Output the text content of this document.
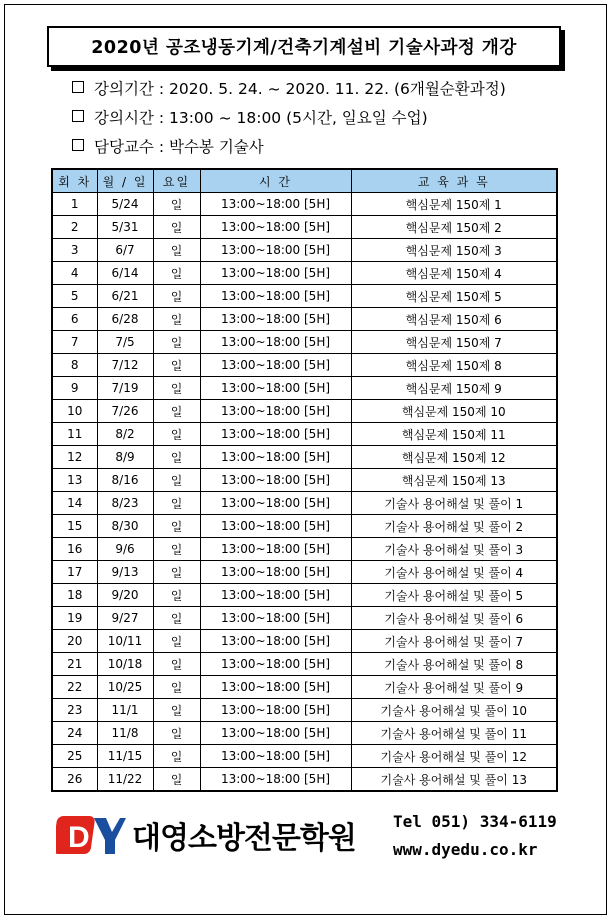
2020년 공조냉동기계/건축기계설비 기술사과정 개강
강의기간 : 2020. 5. 24. ~ 2020. 11. 22. (6개월순환과정)
강의시간 : 13:00 ~ 18:00 (5시간, 일요일 수업)
담당교수 : 박수봉 기술사
회 차	월 / 일	요일	시 간	교 육 과 목
1	5/24	일	13:00~18:00 [5H]	핵심문제 150제 1
2	5/31	일	13:00~18:00 [5H]	핵심문제 150제 2
3	6/7	일	13:00~18:00 [5H]	핵심문제 150제 3
4	6/14	일	13:00~18:00 [5H]	핵심문제 150제 4
5	6/21	일	13:00~18:00 [5H]	핵심문제 150제 5
6	6/28	일	13:00~18:00 [5H]	핵심문제 150제 6
7	7/5	일	13:00~18:00 [5H]	핵심문제 150제 7
8	7/12	일	13:00~18:00 [5H]	핵심문제 150제 8
9	7/19	일	13:00~18:00 [5H]	핵심문제 150제 9
10	7/26	일	13:00~18:00 [5H]	핵심문제 150제 10
11	8/2	일	13:00~18:00 [5H]	핵심문제 150제 11
12	8/9	일	13:00~18:00 [5H]	핵심문제 150제 12
13	8/16	일	13:00~18:00 [5H]	핵심문제 150제 13
14	8/23	일	13:00~18:00 [5H]	기술사 용어해설 및 풀이 1
15	8/30	일	13:00~18:00 [5H]	기술사 용어해설 및 풀이 2
16	9/6	일	13:00~18:00 [5H]	기술사 용어해설 및 풀이 3
17	9/13	일	13:00~18:00 [5H]	기술사 용어해설 및 풀이 4
18	9/20	일	13:00~18:00 [5H]	기술사 용어해설 및 풀이 5
19	9/27	일	13:00~18:00 [5H]	기술사 용어해설 및 풀이 6
20	10/11	일	13:00~18:00 [5H]	기술사 용어해설 및 풀이 7
21	10/18	일	13:00~18:00 [5H]	기술사 용어해설 및 풀이 8
22	10/25	일	13:00~18:00 [5H]	기술사 용어해설 및 풀이 9
23	11/1	일	13:00~18:00 [5H]	기술사 용어해설 및 풀이 10
24	11/8	일	13:00~18:00 [5H]	기술사 용어해설 및 풀이 11
25	11/15	일	13:00~18:00 [5H]	기술사 용어해설 및 풀이 12
26	11/22	일	13:00~18:00 [5H]	기술사 용어해설 및 풀이 13
D 대영소방전문학원 Tel 051) 334-6119
www.dyedu.co.kr
